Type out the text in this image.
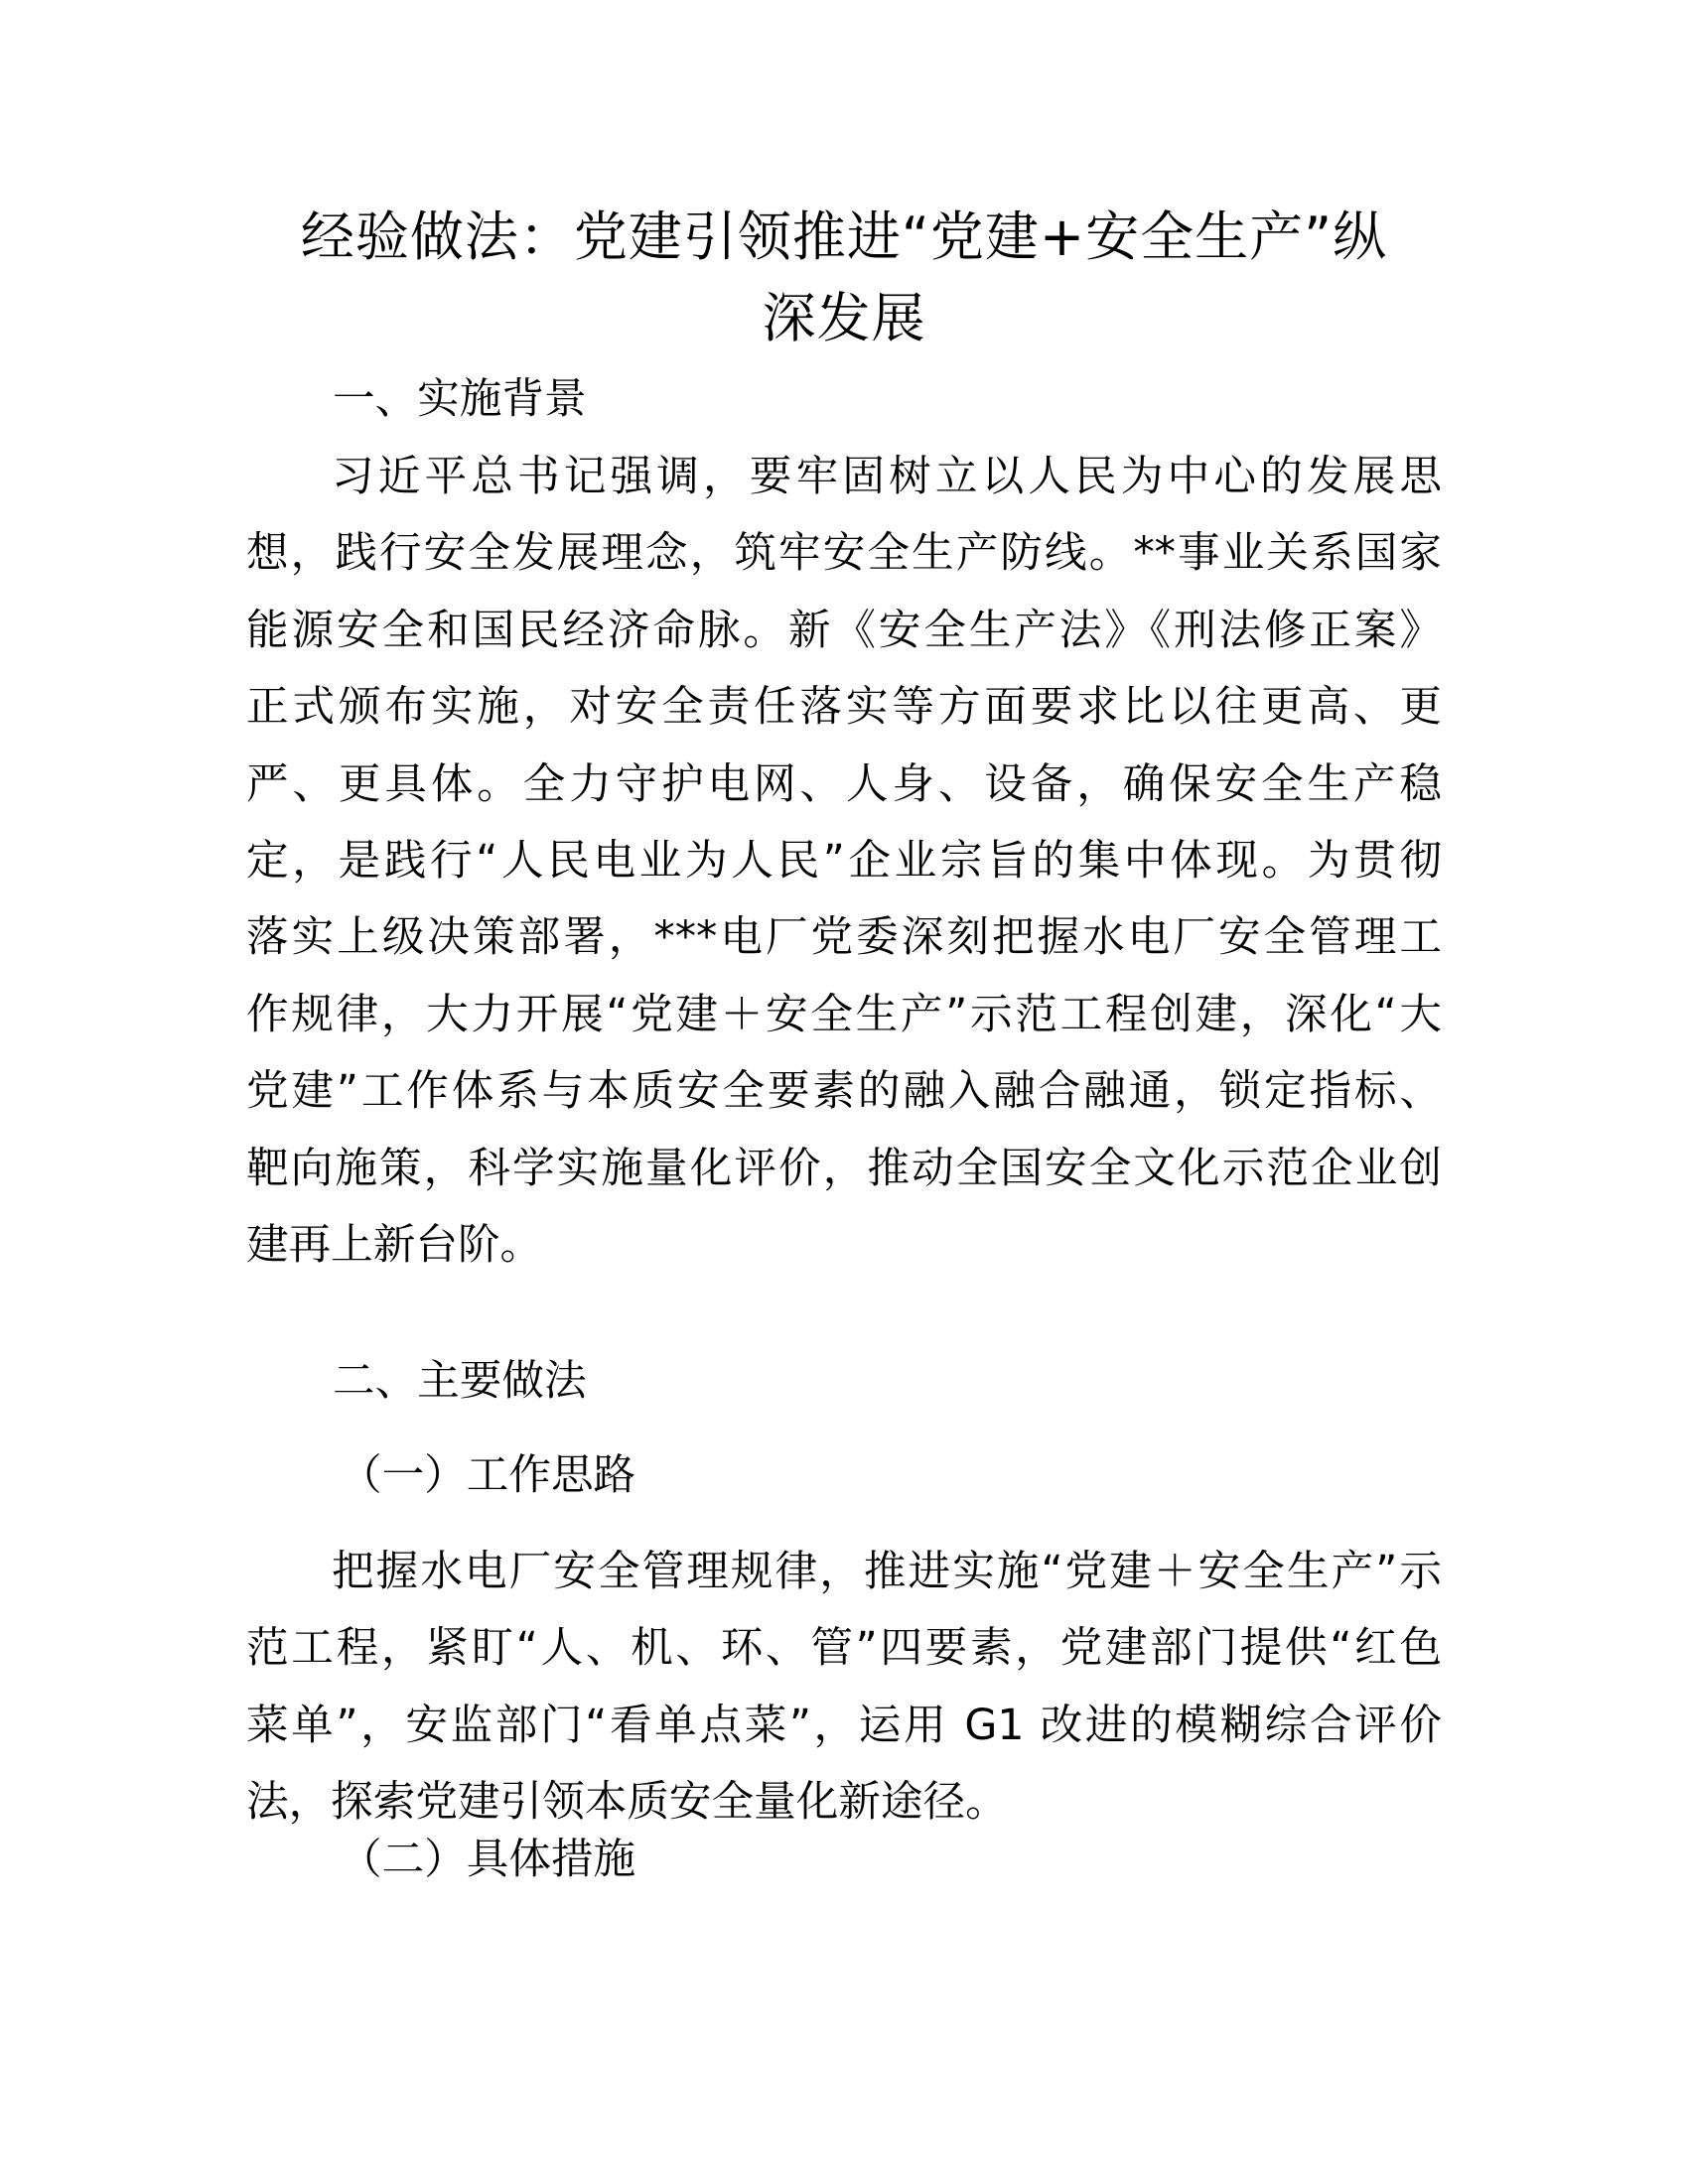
经验做法：党建引领推进“党建+安全生产”纵
深发展
一、实施背景
习近平总书记强调，要牢固树立以人民为中心的发展思
想，践行安全发展理念，筑牢安全生产防线。**事业关系国家
能源安全和国民经济命脉。新《安全生产法》《刑法修正案》
正式颁布实施，对安全责任落实等方面要求比以往更高、更
严、更具体。全力守护电网、人身、设备，确保安全生产稳
定，是践行“人民电业为人民”企业宗旨的集中体现。为贯彻
落实上级决策部署，***电厂党委深刻把握水电厂安全管理工
作规律，大力开展“党建＋安全生产”示范工程创建，深化“大
党建”工作体系与本质安全要素的融入融合融通，锁定指标、
靶向施策，科学实施量化评价，推动全国安全文化示范企业创
建再上新台阶。
二、主要做法
（一）工作思路
把握水电厂安全管理规律，推进实施“党建＋安全生产”示
范工程，紧盯“人、机、环、管”四要素，党建部门提供“红色
菜单”，安监部门“看单点菜”，运用 G1 改进的模糊综合评价
法，探索党建引领本质安全量化新途径。
（二）具体措施
